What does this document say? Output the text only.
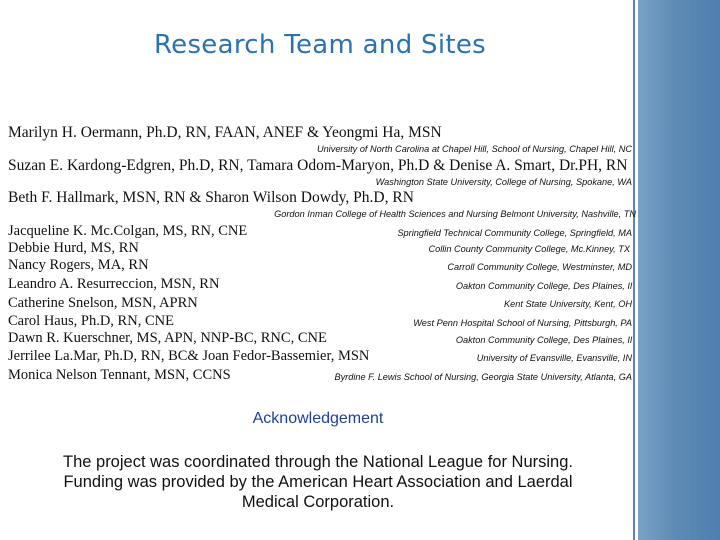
Research Team and Sites
Marilyn H. Oermann, Ph.D, RN, FAAN, ANEF & Yeongmi Ha, MSN
University of North Carolina at Chapel Hill, School of Nursing, Chapel Hill, NC
Suzan E. Kardong-Edgren, Ph.D, RN, Tamara Odom-Maryon, Ph.D & Denise A. Smart, Dr.PH, RN
Washington State University, College of Nursing, Spokane, WA
Beth F. Hallmark, MSN, RN & Sharon Wilson Dowdy, Ph.D, RN
Gordon Inman College of Health Sciences and Nursing Belmont University, Nashville, TN
Jacqueline K. Mc.Colgan, MS, RN, CNE	Springfield Technical Community College, Springfield, MA
Debbie Hurd, MS, RN	Collin County Community College, Mc.Kinney, TX
Nancy Rogers, MA, RN	Carroll Community College, Westminster, MD
Leandro A. Resurreccion, MSN, RN	Oakton Community College, Des Plaines, Il
Catherine Snelson, MSN, APRN	Kent State University, Kent, OH
Carol Haus, Ph.D, RN, CNE	West Penn Hospital School of Nursing, Pittsburgh, PA
Dawn R. Kuerschner, MS, APN, NNP-BC, RNC, CNE	Oakton Community College, Des Plaines, Il
Jerrilee La.Mar, Ph.D, RN, BC& Joan Fedor-Bassemier, MSN	University of Evansville, Evansville, IN
Monica Nelson Tennant, MSN, CCNS	Byrdine F. Lewis School of Nursing, Georgia State University, Atlanta, GA
Acknowledgement
The project was coordinated through the National League for Nursing.
Funding was provided by the American Heart Association and Laerdal
Medical Corporation.
